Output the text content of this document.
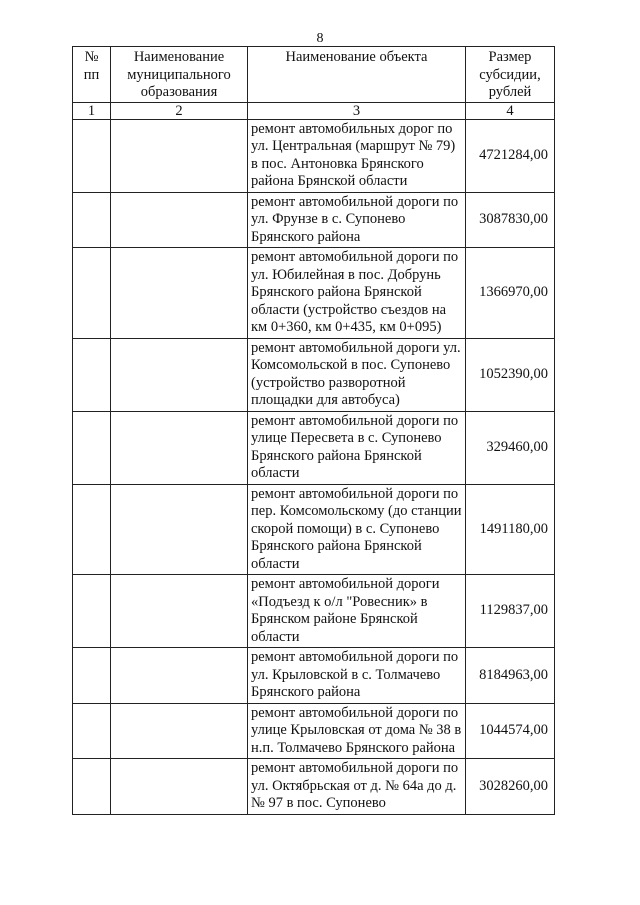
8
№ пп	Наименование муниципального образования	Наименование объекта	Размер субсидии, рублей
1	2	3	4
		ремонт автомобильных дорог по ул. Центральная (маршрут № 79) в пос. Антоновка Брянского района Брянской области	4721284,00
		ремонт автомобильной дороги по ул. Фрунзе в с. Супонево Брянского района	3087830,00
		ремонт автомобильной дороги по ул. Юбилейная в пос. Добрунь Брянского района Брянской области (устройство съездов на км 0+360, км 0+435, км 0+095)	1366970,00
		ремонт автомобильной дороги ул. Комсомольской в пос. Супонево (устройство разворотной площадки для автобуса)	1052390,00
		ремонт автомобильной дороги по улице Пересвета в с. Супонево Брянского района Брянской области	329460,00
		ремонт автомобильной дороги по пер. Комсомольскому (до станции скорой помощи) в с. Супонево Брянского района Брянской области	1491180,00
		ремонт автомобильной дороги «Подъезд к о/л "Ровесник» в Брянском районе Брянской области	1129837,00
		ремонт автомобильной дороги по ул. Крыловской в с. Толмачево Брянского района	8184963,00
		ремонт автомобильной дороги по улице Крыловская от дома № 38 в н.п. Толмачево Брянского района	1044574,00
		ремонт автомобильной дороги по ул. Октябрьская от д. № 64а до д. № 97 в пос. Супонево	3028260,00
